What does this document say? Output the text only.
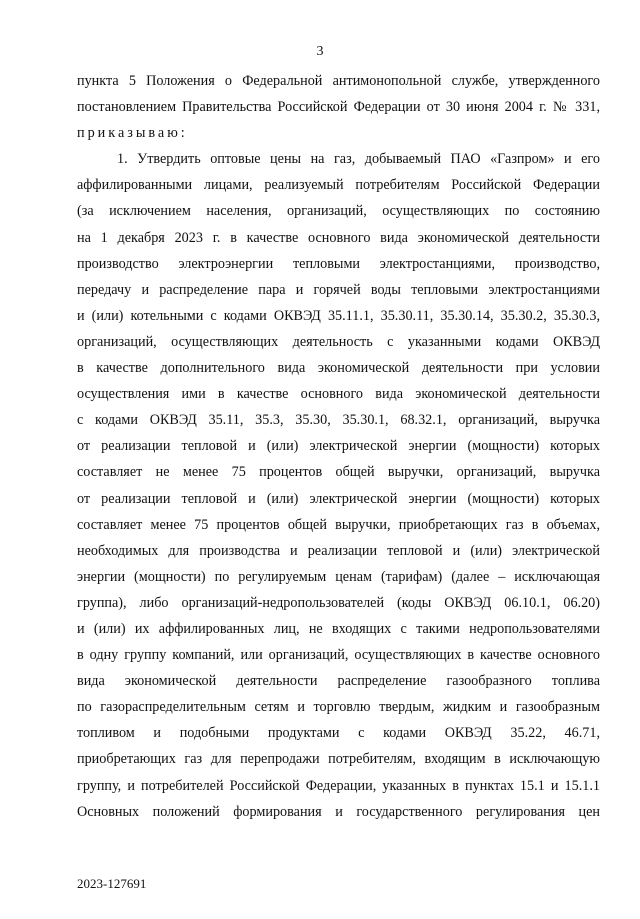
3
пункта 5 Положения о Федеральной антимонопольной службе, утвержденного
постановлением Правительства Российской Федерации от 30 июня 2004 г. № 331,
приказываю:
1. Утвердить оптовые цены на газ, добываемый ПАО «Газпром» и его
аффилированными лицами, реализуемый потребителям Российской Федерации
(за исключением населения, организаций, осуществляющих по состоянию
на 1 декабря 2023 г. в качестве основного вида экономической деятельности
производство электроэнергии тепловыми электростанциями, производство,
передачу и распределение пара и горячей воды тепловыми электростанциями
и (или) котельными с кодами ОКВЭД 35.11.1, 35.30.11, 35.30.14, 35.30.2, 35.30.3,
организаций, осуществляющих деятельность с указанными кодами ОКВЭД
в качестве дополнительного вида экономической деятельности при условии
осуществления ими в качестве основного вида экономической деятельности
с кодами ОКВЭД 35.11, 35.3, 35.30, 35.30.1, 68.32.1, организаций, выручка
от реализации тепловой и (или) электрической энергии (мощности) которых
составляет не менее 75 процентов общей выручки, организаций, выручка
от реализации тепловой и (или) электрической энергии (мощности) которых
составляет менее 75 процентов общей выручки, приобретающих газ в объемах,
необходимых для производства и реализации тепловой и (или) электрической
энергии (мощности) по регулируемым ценам (тарифам) (далее – исключающая
группа), либо организаций-недропользователей (коды ОКВЭД 06.10.1, 06.20)
и (или) их аффилированных лиц, не входящих с такими недропользователями
в одну группу компаний, или организаций, осуществляющих в качестве основного
вида экономической деятельности распределение газообразного топлива
по газораспределительным сетям и торговлю твердым, жидким и газообразным
топливом и подобными продуктами с кодами ОКВЭД 35.22, 46.71,
приобретающих газ для перепродажи потребителям, входящим в исключающую
группу, и потребителей Российской Федерации, указанных в пунктах 15.1 и 15.1.1
Основных положений формирования и государственного регулирования цен
2023-127691
